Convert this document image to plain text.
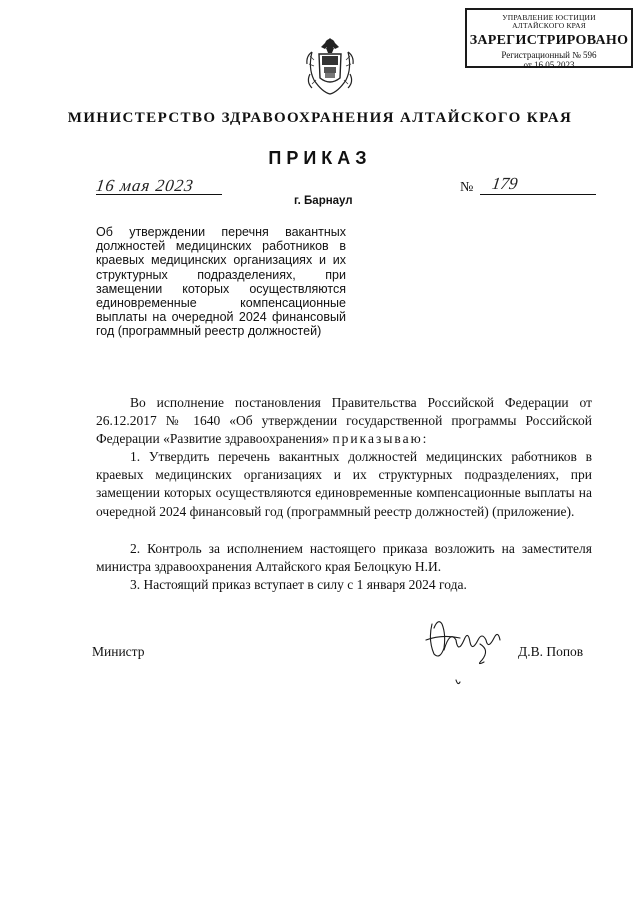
УПРАВЛЕНИЕ ЮСТИЦИИ
АЛТАЙСКОГО КРАЯ
ЗАРЕГИСТРИРОВАНО
Регистрационный № 596
от 16.05.2023
МИНИСТЕРСТВО ЗДРАВООХРАНЕНИЯ АЛТАЙСКОГО КРАЯ
ПРИКАЗ
16 мая 2023	№ 179
г. Барнаул

Об утверждении перечня вакантных должностей медицинских работников в краевых медицинских организациях и их структурных подразделениях, при замещении которых осуществляются единовременные компенсационные выплаты на очередной 2024 финансовый год (программный реестр должностей)

Во исполнение постановления Правительства Российской Федерации от 26.12.2017 № 1640 «Об утверждении государственной программы Российской Федерации «Развитие здравоохранения» приказываю:

1. Утвердить перечень вакантных должностей медицинских работников в краевых медицинских организациях и их структурных подразделениях, при замещении которых осуществляются единовременные компенсационные выплаты на очередной 2024 финансовый год (программный реестр должностей) (приложение).

2. Контроль за исполнением настоящего приказа возложить на заместителя министра здравоохранения Алтайского края Белоцкую Н.И.

3. Настоящий приказ вступает в силу с 1 января 2024 года.

Министр	Д.В. Попов
